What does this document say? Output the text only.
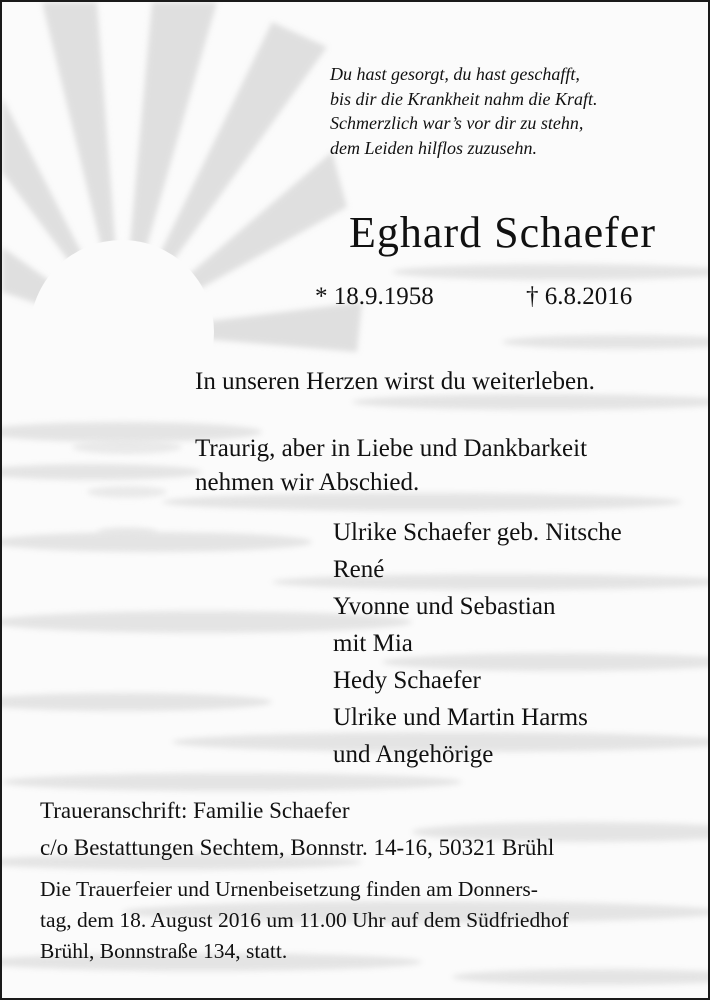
Du hast gesorgt, du hast geschafft,
bis dir die Krankheit nahm die Kraft.
Schmerzlich war’s vor dir zu stehn,
dem Leiden hilflos zuzusehn.
Eghard Schaefer
* 18.9.1958	† 6.8.2016
In unseren Herzen wirst du weiterleben.
Traurig, aber in Liebe und Dankbarkeit
nehmen wir Abschied.
Ulrike Schaefer geb. Nitsche
René
Yvonne und Sebastian
mit Mia
Hedy Schaefer
Ulrike und Martin Harms
und Angehörige
Traueranschrift: Familie Schaefer
c/o Bestattungen Sechtem, Bonnstr. 14-16, 50321 Brühl
Die Trauerfeier und Urnenbeisetzung finden am Donners-
tag, dem 18. August 2016 um 11.00 Uhr auf dem Südfriedhof
Brühl, Bonnstraße 134, statt.
